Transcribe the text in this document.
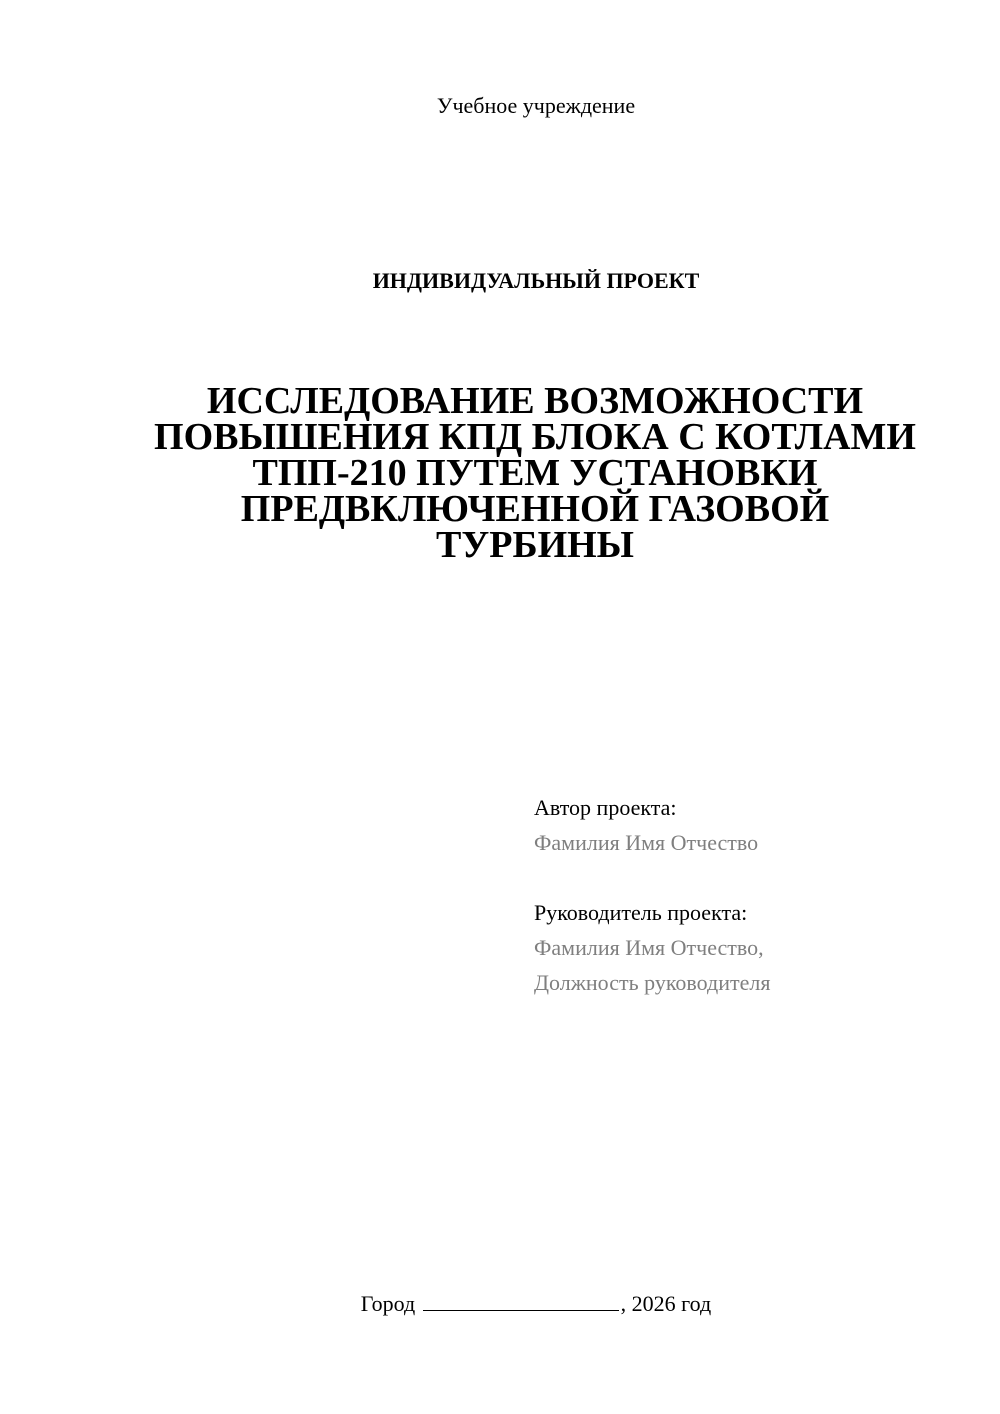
Учебное учреждение
ИНДИВИДУАЛЬНЫЙ ПРОЕКТ
ИССЛЕДОВАНИЕ ВОЗМОЖНОСТИ
ПОВЫШЕНИЯ КПД БЛОКА С КОТЛАМИ
ТПП-210 ПУТЕМ УСТАНОВКИ
ПРЕДВКЛЮЧЕННОЙ ГАЗОВОЙ
ТУРБИНЫ
Автор проекта:
Фамилия Имя Отчество
Руководитель проекта:
Фамилия Имя Отчество,
Должность руководителя
Город	, 2026 год
